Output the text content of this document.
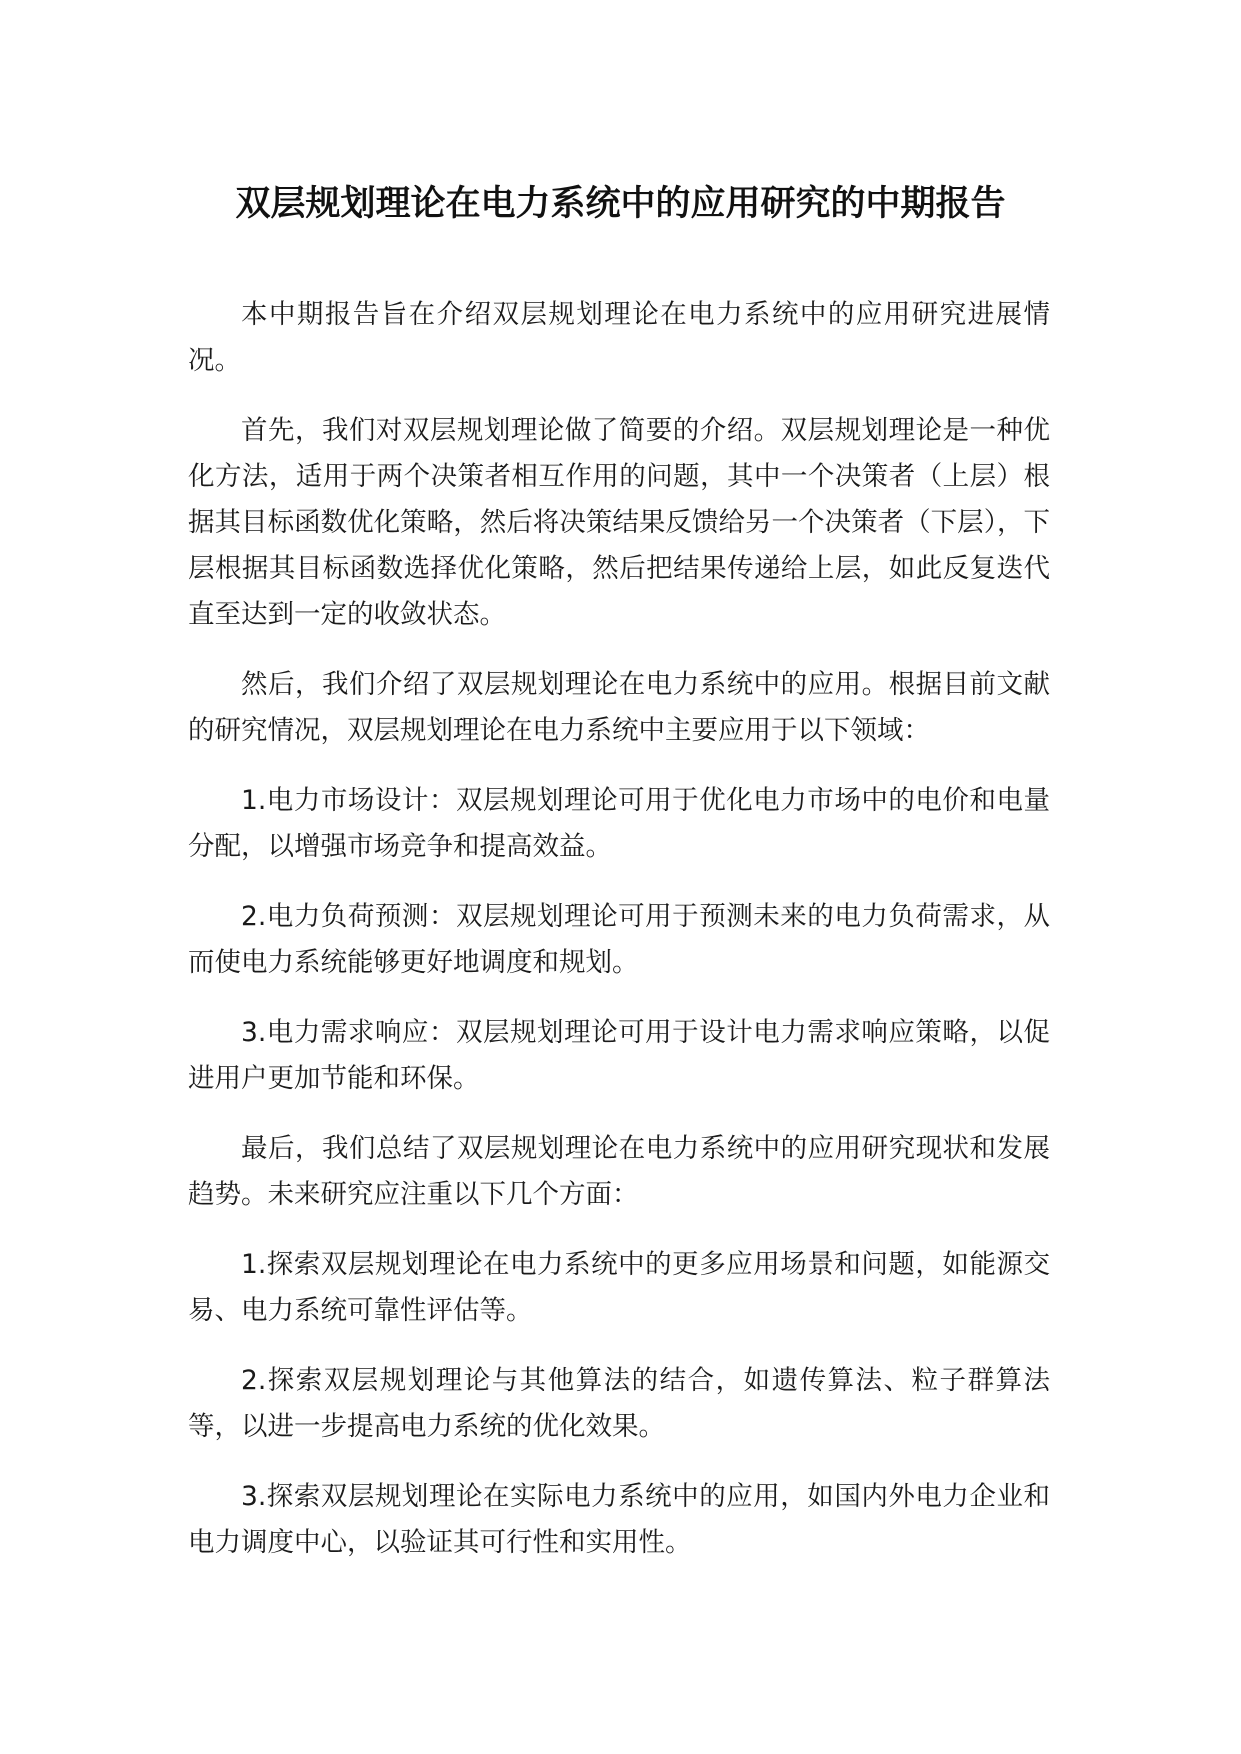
双层规划理论在电力系统中的应用研究的中期报告

本中期报告旨在介绍双层规划理论在电力系统中的应用研究进展情况。

首先，我们对双层规划理论做了简要的介绍。双层规划理论是一种优化方法，适用于两个决策者相互作用的问题，其中一个决策者（上层）根据其目标函数优化策略，然后将决策结果反馈给另一个决策者（下层），下层根据其目标函数选择优化策略，然后把结果传递给上层，如此反复迭代直至达到一定的收敛状态。

然后，我们介绍了双层规划理论在电力系统中的应用。根据目前文献的研究情况，双层规划理论在电力系统中主要应用于以下领域：

1.电力市场设计：双层规划理论可用于优化电力市场中的电价和电量分配，以增强市场竞争和提高效益。

2.电力负荷预测：双层规划理论可用于预测未来的电力负荷需求，从而使电力系统能够更好地调度和规划。

3.电力需求响应：双层规划理论可用于设计电力需求响应策略，以促进用户更加节能和环保。

最后，我们总结了双层规划理论在电力系统中的应用研究现状和发展趋势。未来研究应注重以下几个方面：

1.探索双层规划理论在电力系统中的更多应用场景和问题，如能源交易、电力系统可靠性评估等。

2.探索双层规划理论与其他算法的结合，如遗传算法、粒子群算法等，以进一步提高电力系统的优化效果。

3.探索双层规划理论在实际电力系统中的应用，如国内外电力企业和电力调度中心，以验证其可行性和实用性。
